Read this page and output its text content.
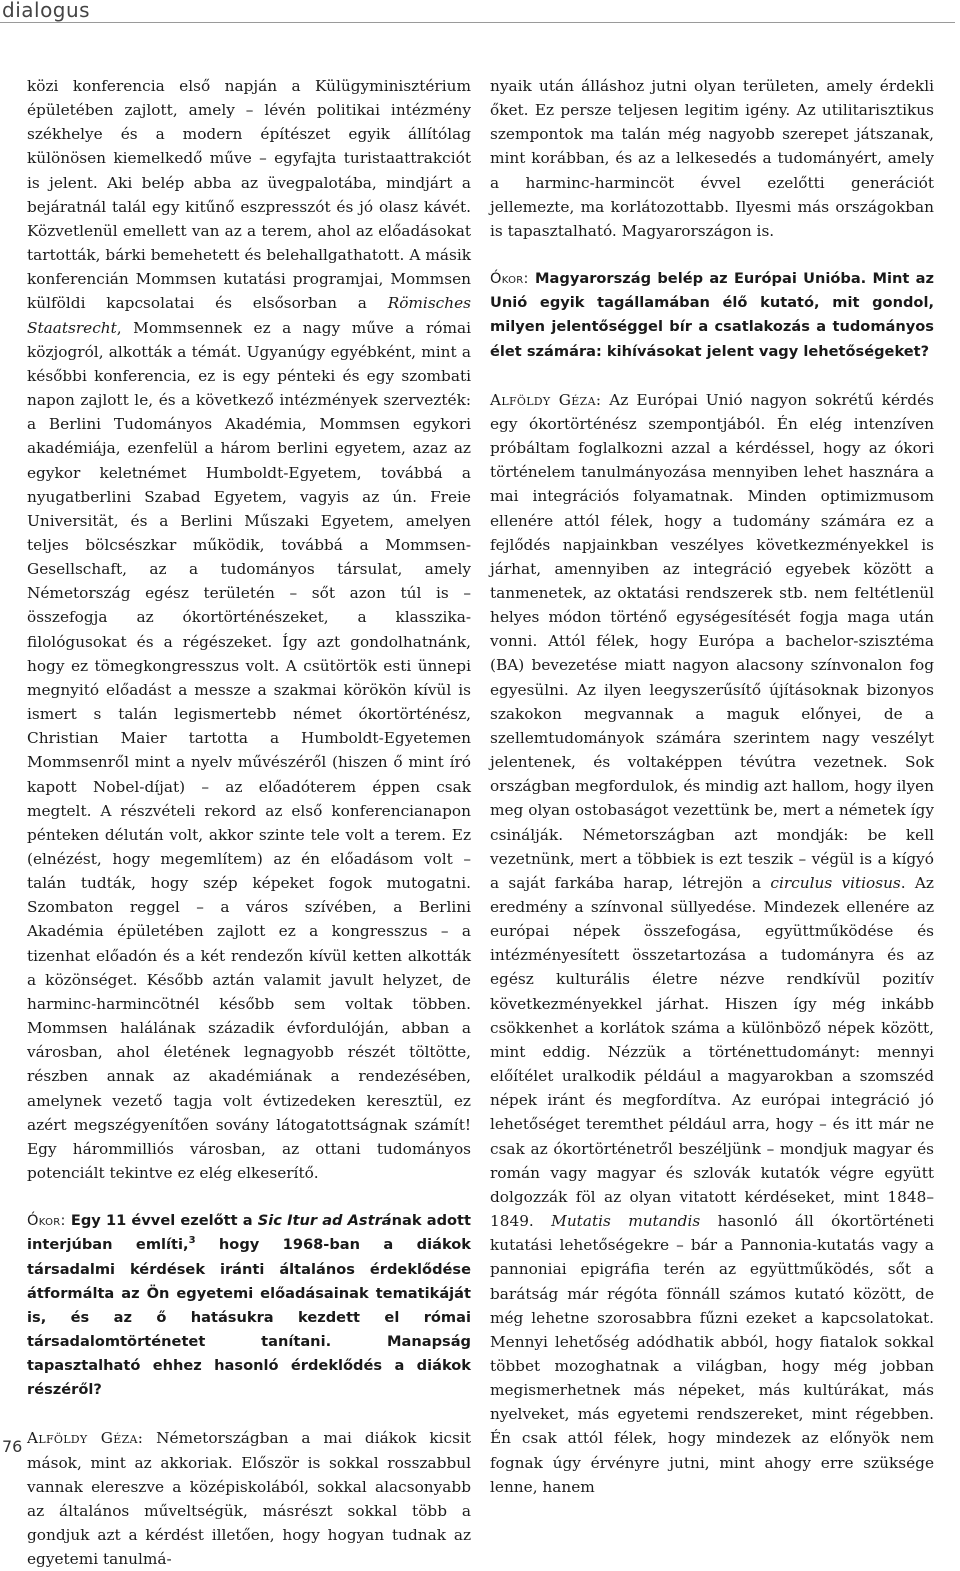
dialogus

közi konferencia első napján a Külügyminisztérium épületében zajlott, amely – lévén politikai intézmény székhelye és a modern építészet egyik állítólag különösen kiemelkedő műve – egyfajta turistaattrakciót is jelent. Aki belép abba az üvegpalotába, mindjárt a bejáratnál talál egy kitűnő eszpresszót és jó olasz kávét. Közvetlenül emellett van az a terem, ahol az előadásokat tartották, bárki bemehetett és belehallgathatott. A másik konferencián Mommsen kutatási programjai, Mommsen külföldi kapcsolatai és elsősorban a Römisches Staatsrecht, Mommsennek ez a nagy műve a római közjogról, alkották a témát. Ugyanúgy egyébként, mint a későbbi konferencia, ez is egy pénteki és egy szombati napon zajlott le, és a következő intézmények szervezték: a Berlini Tudományos Akadémia, Mommsen egykori akadémiája, ezenfelül a három berlini egyetem, azaz az egykor keletnémet Humboldt-Egyetem, továbbá a nyugatberlini Szabad Egyetem, vagyis az ún. Freie Universität, és a Berlini Műszaki Egyetem, amelyen teljes bölcsészkar működik, továbbá a Mommsen-Gesellschaft, az a tudományos társulat, amely Németország egész területén – sőt azon túl is – összefogja az ókortörténészeket, a klasszika-filológusokat és a régészeket. Így azt gondolhatnánk, hogy ez tömegkongresszus volt. A csütörtök esti ünnepi megnyitó előadást a messze a szakmai körökön kívül is ismert s talán legismertebb német ókortörténész, Christian Maier tartotta a Humboldt-Egyetemen Mommsenről mint a nyelv művészéről (hiszen ő mint író kapott Nobel-díjat) – az előadóterem éppen csak megtelt. A részvételi rekord az első konferencianapon pénteken délután volt, akkor szinte tele volt a terem. Ez (elnézést, hogy megemlítem) az én előadásom volt – talán tudták, hogy szép képeket fogok mutogatni. Szombaton reggel – a város szívében, a Berlini Akadémia épületében zajlott ez a kongresszus – a tizenhat előadón és a két rendezőn kívül ketten alkották a közönséget. Később aztán valamit javult helyzet, de harminc-harmincötnél később sem voltak többen. Mommsen halálának századik évfordulóján, abban a városban, ahol életének legnagyobb részét töltötte, részben annak az akadémiának a rendezésében, amelynek vezető tagja volt évtizedeken keresztül, ez azért megszégyenítően sovány látogatottságnak számít! Egy hárommilliós városban, az ottani tudományos potenciált tekintve ez elég elkeserítő.

Ókor: Egy 11 évvel ezelőtt a Sic Itur ad Astrának adott interjúban említi,$^3$ hogy 1968-ban a diákok társadalmi kérdések iránti általános érdeklődése átformálta az Ön egyetemi előadásainak tematikáját is, és az ő hatásukra kezdett el római társadalomtörténetet tanítani. Manapság tapasztalható ehhez hasonló érdeklődés a diákok részéről?

Alföldy Géza: Németországban a mai diákok kicsit mások, mint az akkoriak. Először is sokkal rosszabbul vannak elereszve a középiskolából, sokkal alacsonyabb az általános műveltségük, másrészt sokkal több a gondjuk azt a kérdést illetően, hogy hogyan tudnak az egyetemi tanulmá-

nyaik után álláshoz jutni olyan területen, amely érdekli őket. Ez persze teljesen legitim igény. Az utilitarisztikus szempontok ma talán még nagyobb szerepet játszanak, mint korábban, és az a lelkesedés a tudományért, amely a harminc-harmincöt évvel ezelőtti generációt jellemezte, ma korlátozottabb. Ilyesmi más országokban is tapasztalható. Magyarországon is.

Ókor: Magyarország belép az Európai Unióba. Mint az Unió egyik tagállamában élő kutató, mit gondol, milyen jelentőséggel bír a csatlakozás a tudományos élet számára: kihívásokat jelent vagy lehetőségeket?

Alföldy Géza: Az Európai Unió nagyon sokrétű kérdés egy ókortörténész szempontjából. Én elég intenzíven próbáltam foglalkozni azzal a kérdéssel, hogy az ókori történelem tanulmányozása mennyiben lehet hasznára a mai integrációs folyamatnak. Minden optimizmusom ellenére attól félek, hogy a tudomány számára ez a fejlődés napjainkban veszélyes következményekkel is járhat, amennyiben az integráció egyebek között a tanmenetek, az oktatási rendszerek stb. nem feltétlenül helyes módon történő egységesítését fogja maga után vonni. Attól félek, hogy Európa a bachelor-szisztéma (BA) bevezetése miatt nagyon alacsony színvonalon fog egyesülni. Az ilyen leegyszerűsítő újításoknak bizonyos szakokon megvannak a maguk előnyei, de a szellemtudományok számára szerintem nagy veszélyt jelentenek, és voltaképpen tévútra vezetnek. Sok országban megfordulok, és mindig azt hallom, hogy ilyen meg olyan ostobaságot vezettünk be, mert a németek így csinálják. Németországban azt mondják: be kell vezetnünk, mert a többiek is ezt teszik – végül is a kígyó a saját farkába harap, létrejön a circulus vitiosus. Az eredmény a színvonal süllyedése. Mindezek ellenére az európai népek összefogása, együttműködése és intézményesített összetartozása a tudományra és az egész kulturális életre nézve rendkívül pozitív következményekkel járhat. Hiszen így még inkább csökkenhet a korlátok száma a különböző népek között, mint eddig. Nézzük a történettudományt: mennyi előítélet uralkodik például a magyarokban a szomszéd népek iránt és megfordítva. Az európai integráció jó lehetőséget teremthet például arra, hogy – és itt már ne csak az ókortörténetről beszéljünk – mondjuk magyar és román vagy magyar és szlovák kutatók végre együtt dolgozzák föl az olyan vitatott kérdéseket, mint 1848–1849. Mutatis mutandis hasonló áll ókortörténeti kutatási lehetőségekre – bár a Pannonia-kutatás vagy a pannoniai epigráfia terén az együttműködés, sőt a barátság már régóta fönnáll számos kutató között, de még lehetne szorosabbra fűzni ezeket a kapcsolatokat. Mennyi lehetőség adódhatik abból, hogy fiatalok sokkal többet mozoghatnak a világban, hogy még jobban megismerhetnek más népeket, más kultúrákat, más nyelveket, más egyetemi rendszereket, mint régebben. Én csak attól félek, hogy mindezek az előnyök nem fognak úgy érvényre jutni, mint ahogy erre szüksége lenne, hanem

76
